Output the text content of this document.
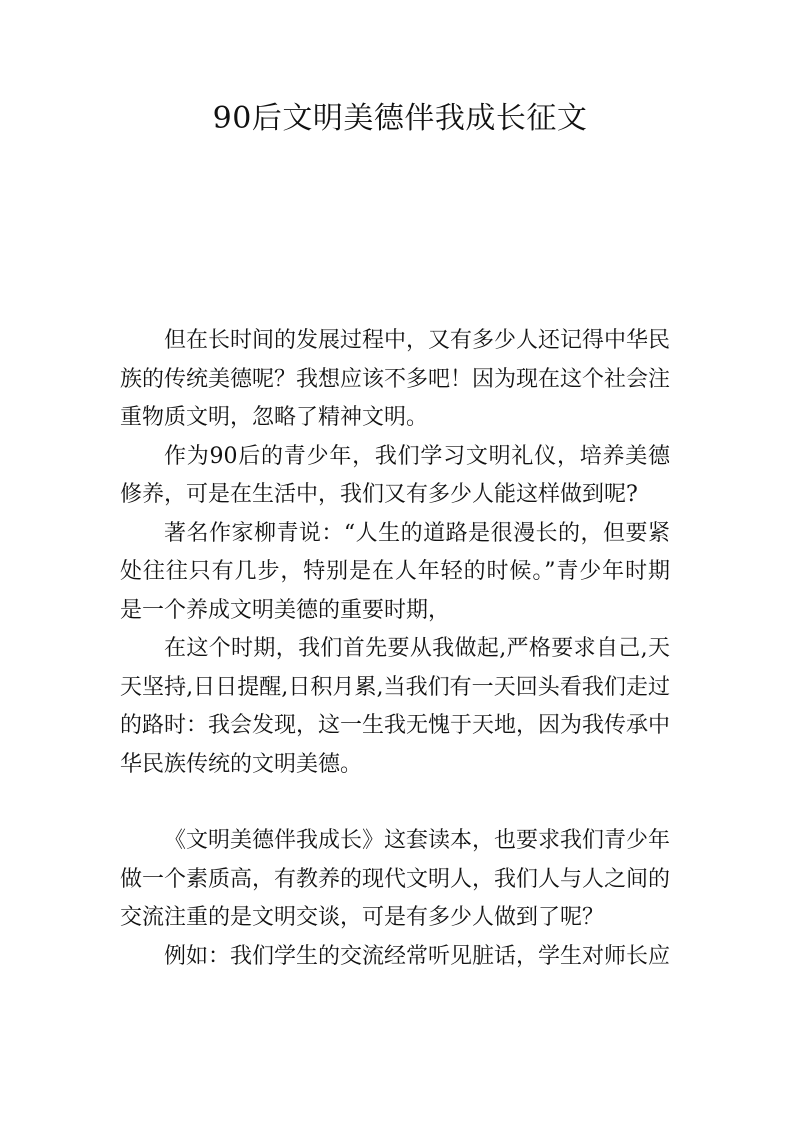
90后文明美德伴我成长征文

但在长时间的发展过程中，又有多少人还记得中华民族的传统美德呢？我想应该不多吧！因为现在这个社会注重物质文明，忽略了精神文明。

作为90后的青少年，我们学习文明礼仪，培养美德修养，可是在生活中，我们又有多少人能这样做到呢?

著名作家柳青说：“人生的道路是很漫长的，但要紧处往往只有几步，特别是在人年轻的时候。”青少年时期是一个养成文明美德的重要时期，

在这个时期，我们首先要从我做起,严格要求自己,天天坚持,日日提醒,日积月累,当我们有一天回头看我们走过的路时：我会发现，这一生我无愧于天地，因为我传承中华民族传统的文明美德。

《文明美德伴我成长》这套读本，也要求我们青少年做一个素质高，有教养的现代文明人，我们人与人之间的交流注重的是文明交谈，可是有多少人做到了呢？

例如：我们学生的交流经常听见脏话，学生对师长应
